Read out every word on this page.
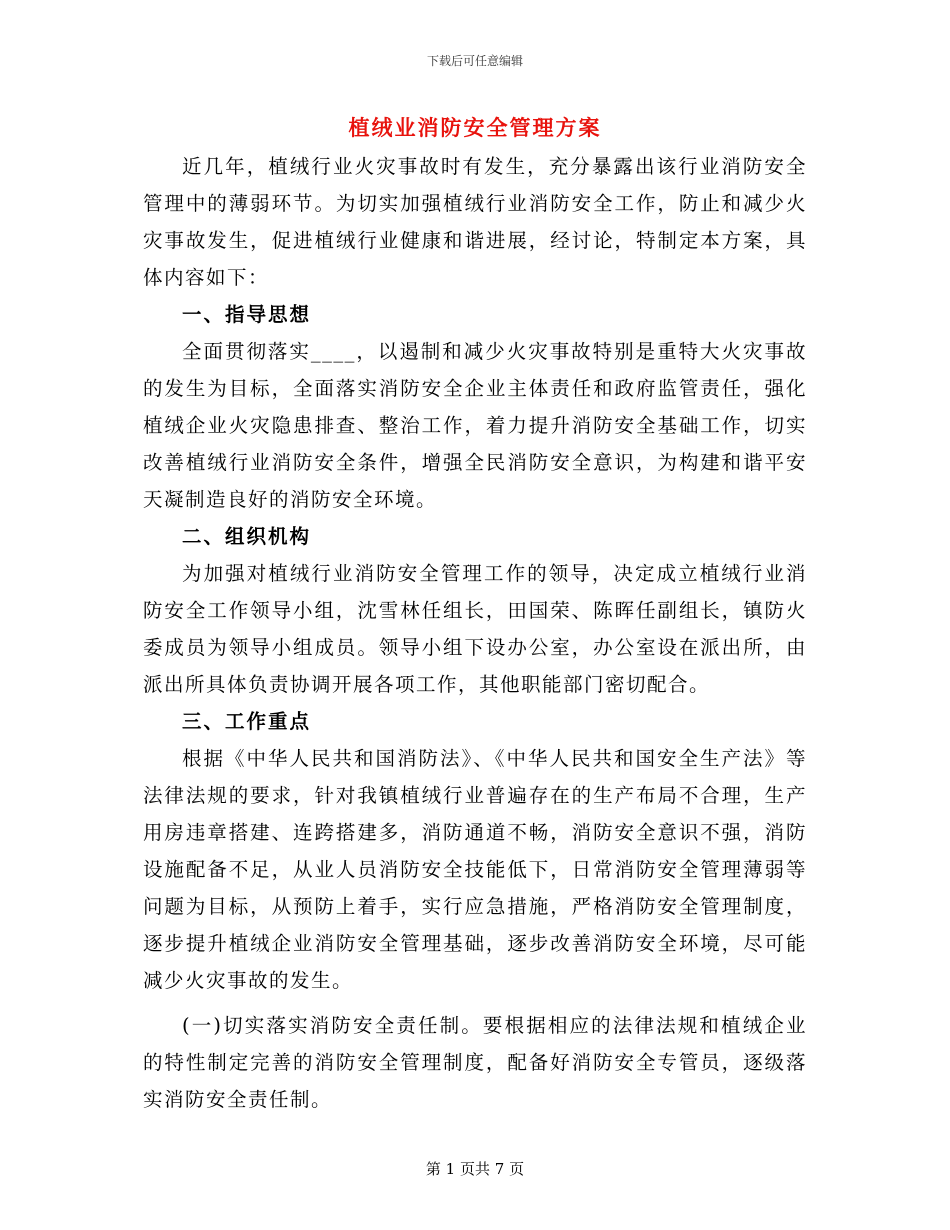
下载后可任意编辑
植绒业消防安全管理方案

近几年，植绒行业火灾事故时有发生，充分暴露出该行业消防安全管理中的薄弱环节。为切实加强植绒行业消防安全工作，防止和减少火灾事故发生，促进植绒行业健康和谐进展，经讨论，特制定本方案，具体内容如下：

一、指导思想

全面贯彻落实____，以遏制和减少火灾事故特别是重特大火灾事故的发生为目标，全面落实消防安全企业主体责任和政府监管责任，强化植绒企业火灾隐患排查、整治工作，着力提升消防安全基础工作，切实改善植绒行业消防安全条件，增强全民消防安全意识，为构建和谐平安天凝制造良好的消防安全环境。

二、组织机构

为加强对植绒行业消防安全管理工作的领导，决定成立植绒行业消防安全工作领导小组，沈雪林任组长，田国荣、陈晖任副组长，镇防火委成员为领导小组成员。领导小组下设办公室，办公室设在派出所，由派出所具体负责协调开展各项工作，其他职能部门密切配合。

三、工作重点

根据《中华人民共和国消防法》、《中华人民共和国安全生产法》等法律法规的要求，针对我镇植绒行业普遍存在的生产布局不合理，生产用房违章搭建、连跨搭建多，消防通道不畅，消防安全意识不强，消防设施配备不足，从业人员消防安全技能低下，日常消防安全管理薄弱等问题为目标，从预防上着手，实行应急措施，严格消防安全管理制度，逐步提升植绒企业消防安全管理基础，逐步改善消防安全环境，尽可能减少火灾事故的发生。

(一)切实落实消防安全责任制。要根据相应的法律法规和植绒企业的特性制定完善的消防安全管理制度，配备好消防安全专管员，逐级落实消防安全责任制。

第 1 页共 7 页
